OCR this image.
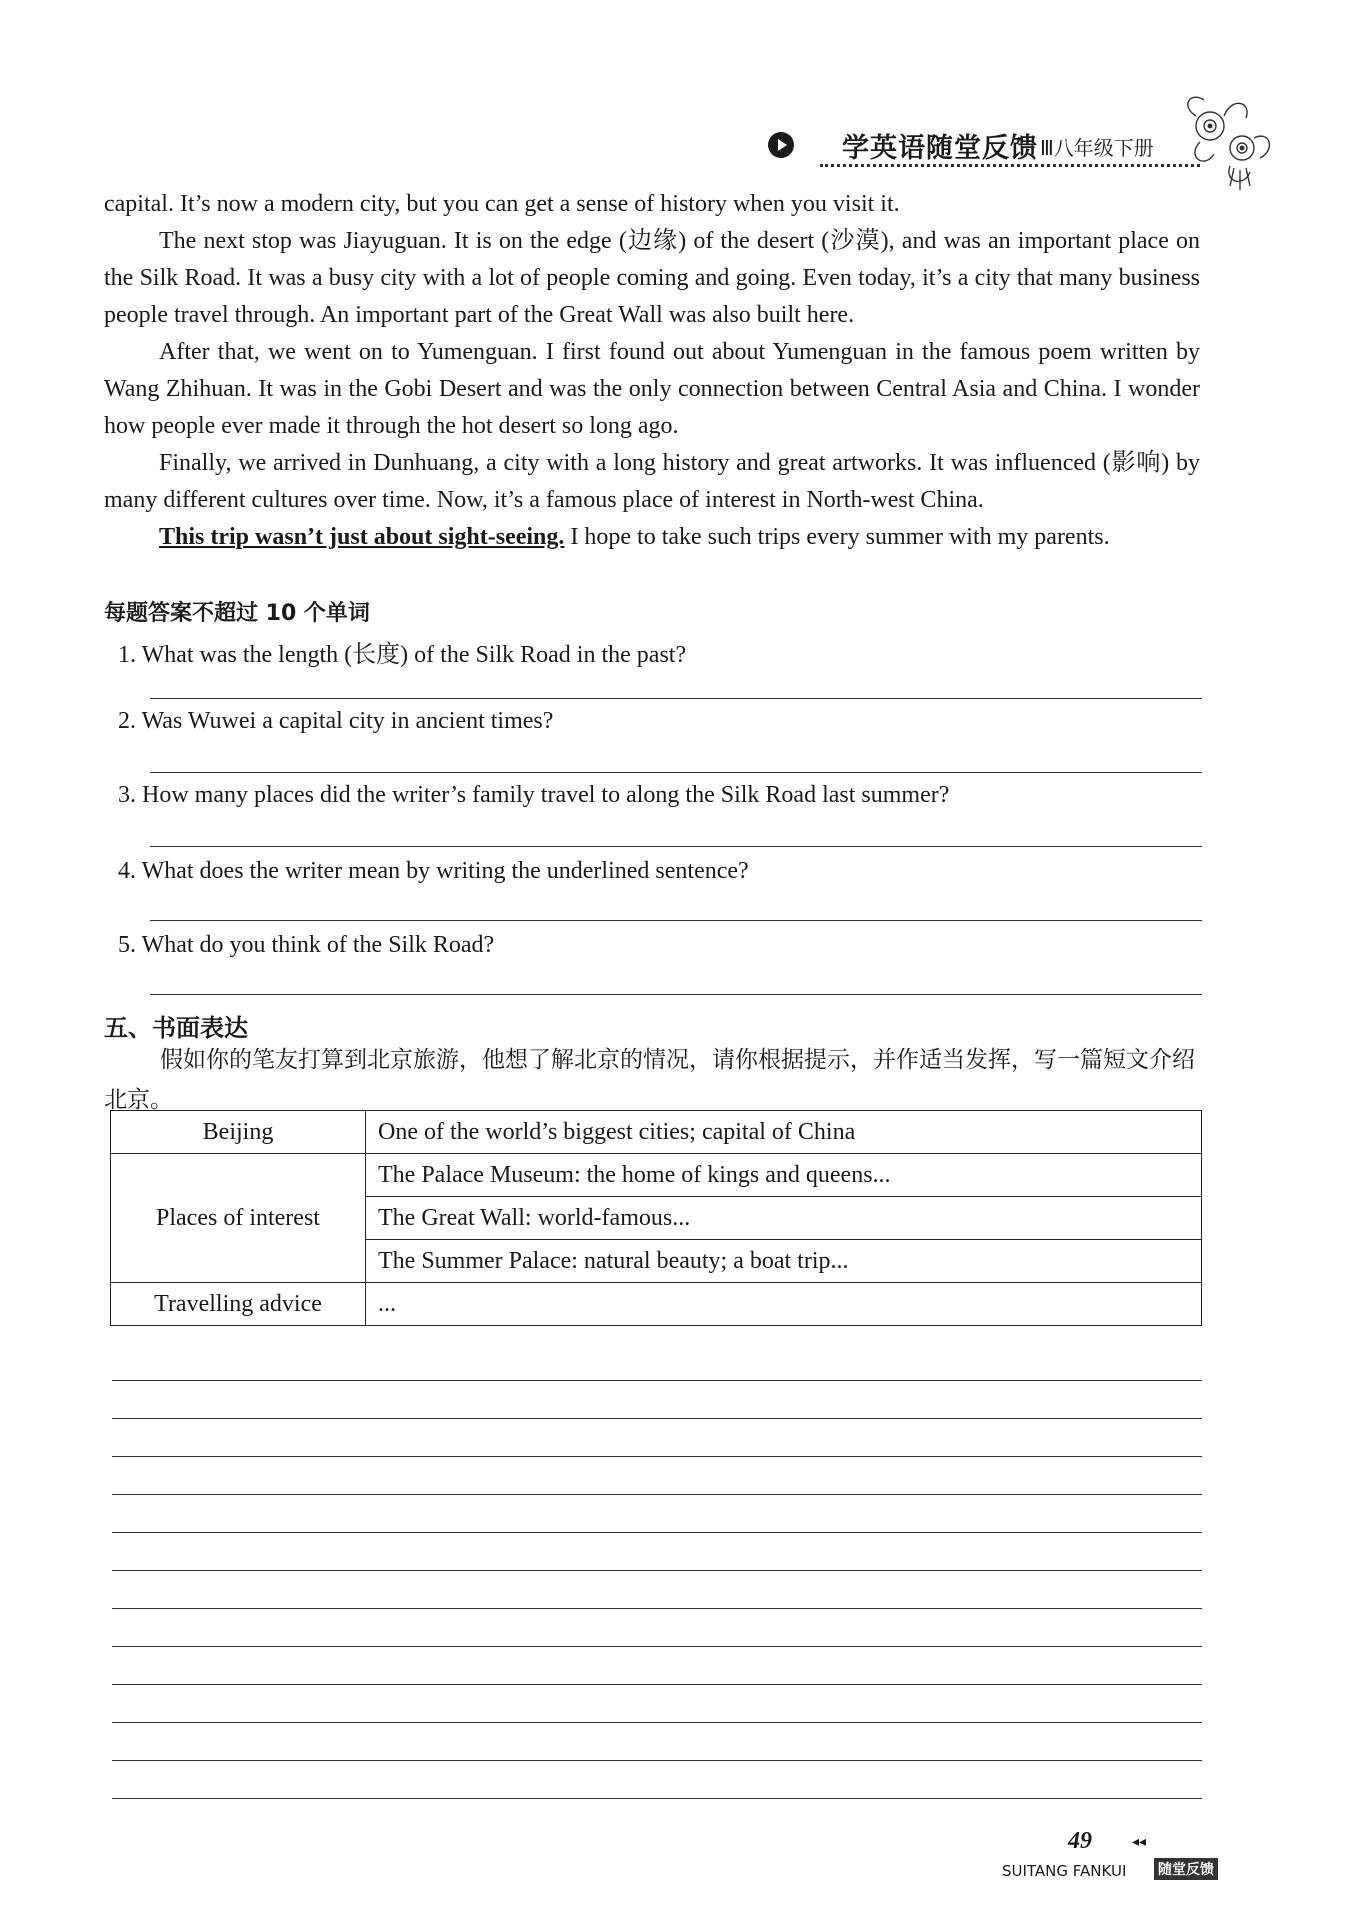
学英语随堂反馈 Ⅲ八年级下册

capital. It’s now a modern city, but you can get a sense of history when you visit it.

The next stop was Jiayuguan. It is on the edge (边缘) of the desert (沙漠), and was an important place on the Silk Road. It was a busy city with a lot of people coming and going. Even today, it’s a city that many business people travel through. An important part of the Great Wall was also built here.

After that, we went on to Yumenguan. I first found out about Yumenguan in the famous poem written by Wang Zhihuan. It was in the Gobi Desert and was the only connection between Central Asia and China. I wonder how people ever made it through the hot desert so long ago.

Finally, we arrived in Dunhuang, a city with a long history and great artworks. It was influenced (影响) by many different cultures over time. Now, it’s a famous place of interest in North-west China.

This trip wasn’t just about sight-seeing. I hope to take such trips every summer with my parents.

每题答案不超过 10 个单词
1. What was the length (长度) of the Silk Road in the past?
2. Was Wuwei a capital city in ancient times?
3. How many places did the writer’s family travel to along the Silk Road last summer?
4. What does the writer mean by writing the underlined sentence?
5. What do you think of the Silk Road?
五、书面表达
假如你的笔友打算到北京旅游，他想了解北京的情况，请你根据提示，并作适当发挥，写一篇短文介绍北京。
Beijing	One of the world’s biggest cities; capital of China
Places of interest	The Palace Museum: the home of kings and queens...
	The Great Wall: world-famous...
	The Summer Palace: natural beauty; a boat trip...
Travelling advice	...
49	◂◂
SUITANG FANKUI 随堂反馈
